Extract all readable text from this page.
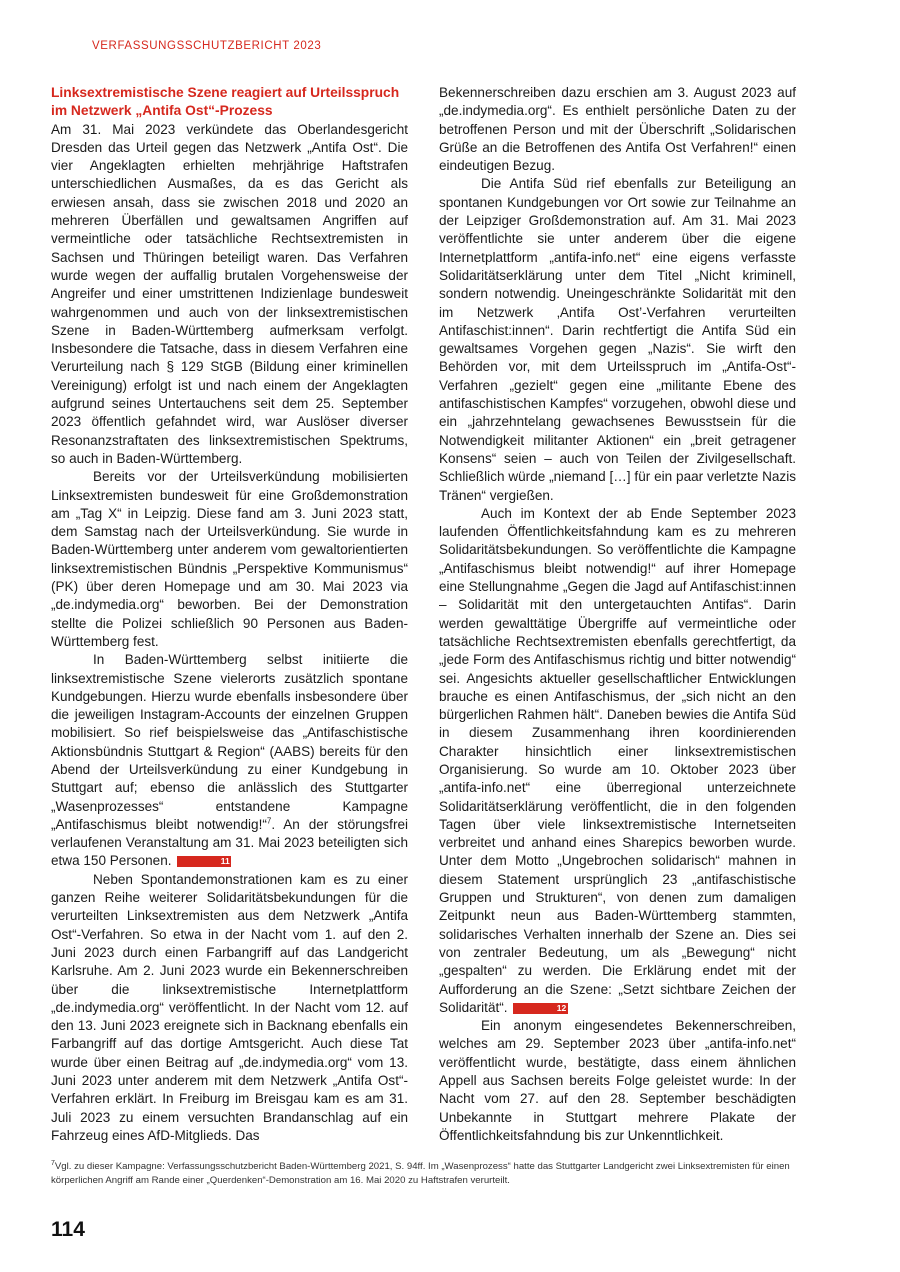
VERFASSUNGSSCHUTZBERICHT 2023
Linksextremistische Szene reagiert auf Urteilsspruch im Netzwerk „Antifa Ost“-Prozess

Am 31. Mai 2023 verkündete das Oberlandesgericht Dresden das Urteil gegen das Netzwerk „Antifa Ost“. Die vier Angeklagten erhielten mehrjährige Haftstrafen unterschiedlichen Ausmaßes, da es das Gericht als erwiesen ansah, dass sie zwischen 2018 und 2020 an mehreren Überfällen und gewaltsamen Angriffen auf vermeintliche oder tatsächliche Rechtsextremisten in Sachsen und Thüringen beteiligt waren. Das Verfahren wurde wegen der auffallig brutalen Vorgehensweise der Angreifer und einer umstrittenen Indizienlage bundesweit wahrgenommen und auch von der linksextremistischen Szene in Baden-Württemberg aufmerksam verfolgt. Insbesondere die Tatsache, dass in diesem Verfahren eine Verurteilung nach § 129 StGB (Bildung einer kriminellen Vereinigung) erfolgt ist und nach einem der Angeklagten aufgrund seines Untertauchens seit dem 25. September 2023 öffentlich gefahndet wird, war Auslöser diverser Resonanzstraftaten des linksextremistischen Spektrums, so auch in Baden-Württemberg.

Bereits vor der Urteilsverkündung mobilisierten Linksextremisten bundesweit für eine Großdemonstration am „Tag X“ in Leipzig. Diese fand am 3. Juni 2023 statt, dem Samstag nach der Urteilsverkündung. Sie wurde in Baden-Württemberg unter anderem vom gewaltorientierten linksextremistischen Bündnis „Perspektive Kommunismus“ (PK) über deren Homepage und am 30. Mai 2023 via „de.indymedia.org“ beworben. Bei der Demonstration stellte die Polizei schließlich 90 Personen aus Baden-Württemberg fest.

In Baden-Württemberg selbst initiierte die linksextremistische Szene vielerorts zusätzlich spontane Kundgebungen. Hierzu wurde ebenfalls insbesondere über die jeweiligen Instagram-Accounts der einzelnen Gruppen mobilisiert. So rief beispielsweise das „Antifaschistische Aktionsbündnis Stuttgart & Region“ (AABS) bereits für den Abend der Urteilsverkündung zu einer Kundgebung in Stuttgart auf; ebenso die anlässlich des Stuttgarter „Wasenprozesses“ entstandene Kampagne „Antifaschismus bleibt notwendig!“$^7$. An der störungsfrei verlaufenen Veranstaltung am 31. Mai 2023 beteiligten sich etwa 150 Personen.	11

Neben Spontandemonstrationen kam es zu einer ganzen Reihe weiterer Solidaritätsbekundungen für die verurteilten Linksextremisten aus dem Netzwerk „Antifa Ost“-Verfahren. So etwa in der Nacht vom 1. auf den 2. Juni 2023 durch einen Farbangriff auf das Landgericht Karlsruhe. Am 2. Juni 2023 wurde ein Bekennerschreiben über die linksextremistische Internetplattform „de.indymedia.org“ veröffentlicht. In der Nacht vom 12. auf den 13. Juni 2023 ereignete sich in Backnang ebenfalls ein Farbangriff auf das dortige Amtsgericht. Auch diese Tat wurde über einen Beitrag auf „de.indymedia.org“ vom 13. Juni 2023 unter anderem mit dem Netzwerk „Antifa Ost“-Verfahren erklärt. In Freiburg im Breisgau kam es am 31. Juli 2023 zu einem versuchten Brandanschlag auf ein Fahrzeug eines AfD-Mitglieds. Das

Bekennerschreiben dazu erschien am 3. August 2023 auf „de.indymedia.org“. Es enthielt persönliche Daten zu der betroffenen Person und mit der Überschrift „Solidarischen Grüße an die Betroffenen des Antifa Ost Verfahren!“ einen eindeutigen Bezug.

Die Antifa Süd rief ebenfalls zur Beteiligung an spontanen Kundgebungen vor Ort sowie zur Teilnahme an der Leipziger Großdemonstration auf. Am 31. Mai 2023 veröffentlichte sie unter anderem über die eigene Internetplattform „antifa-info.net“ eine eigens verfasste Solidaritätserklärung unter dem Titel „Nicht kriminell, sondern notwendig. Uneingeschränkte Solidarität mit den im Netzwerk ‚Antifa Ost’-Verfahren verurteilten Antifaschist:innen“. Darin rechtfertigt die Antifa Süd ein gewaltsames Vorgehen gegen „Nazis“. Sie wirft den Behörden vor, mit dem Urteilsspruch im „Antifa-Ost“-Verfahren „gezielt“ gegen eine „militante Ebene des antifaschistischen Kampfes“ vorzugehen, obwohl diese und ein „jahrzehntelang gewachsenes Bewusstsein für die Notwendigkeit militanter Aktionen“ ein „breit getragener Konsens“ seien – auch von Teilen der Zivilgesellschaft. Schließlich würde „niemand […] für ein paar verletzte Nazis Tränen“ vergießen.

Auch im Kontext der ab Ende September 2023 laufenden Öffentlichkeitsfahndung kam es zu mehreren Solidaritätsbekundungen. So veröffentlichte die Kampagne „Antifaschismus bleibt notwendig!“ auf ihrer Homepage eine Stellungnahme „Gegen die Jagd auf Antifaschist:innen – Solidarität mit den untergetauchten Antifas“. Darin werden gewalttätige Übergriffe auf vermeintliche oder tatsächliche Rechtsextremisten ebenfalls gerechtfertigt, da „jede Form des Antifaschismus richtig und bitter notwendig“ sei. Angesichts aktueller gesellschaftlicher Entwicklungen brauche es einen Antifaschismus, der „sich nicht an den bürgerlichen Rahmen hält“. Daneben bewies die Antifa Süd in diesem Zusammenhang ihren koordinierenden Charakter hinsichtlich einer linksextremistischen Organisierung. So wurde am 10. Oktober 2023 über „antifa-info.net“ eine überregional unterzeichnete Solidaritätserklärung veröffentlicht, die in den folgenden Tagen über viele linksextremistische Internetseiten verbreitet und anhand eines Sharepics beworben wurde. Unter dem Motto „Ungebrochen solidarisch“ mahnen in diesem Statement ursprünglich 23 „antifaschistische Gruppen und Strukturen“, von denen zum damaligen Zeitpunkt neun aus Baden-Württemberg stammten, solidarisches Verhalten innerhalb der Szene an. Dies sei von zentraler Bedeutung, um als „Bewegung“ nicht „gespalten“ zu werden. Die Erklärung endet mit der Aufforderung an die Szene: „Setzt sichtbare Zeichen der Solidarität“.	12

Ein anonym eingesendetes Bekennerschreiben, welches am 29. September 2023 über „antifa-info.net“ veröffentlicht wurde, bestätigte, dass einem ähnlichen Appell aus Sachsen bereits Folge geleistet wurde: In der Nacht vom 27. auf den 28. September beschädigten Unbekannte in Stuttgart mehrere Plakate der Öffentlichkeitsfahndung bis zur Unkenntlichkeit.

$^7$Vgl. zu dieser Kampagne: Verfassungsschutzbericht Baden-Württemberg 2021, S. 94ff. Im „Wasenprozess“ hatte das Stuttgarter Landgericht zwei Linksextremisten für einen körperlichen Angriff am Rande einer „Querdenken“-Demonstration am 16. Mai 2020 zu Haftstrafen verurteilt.
114
